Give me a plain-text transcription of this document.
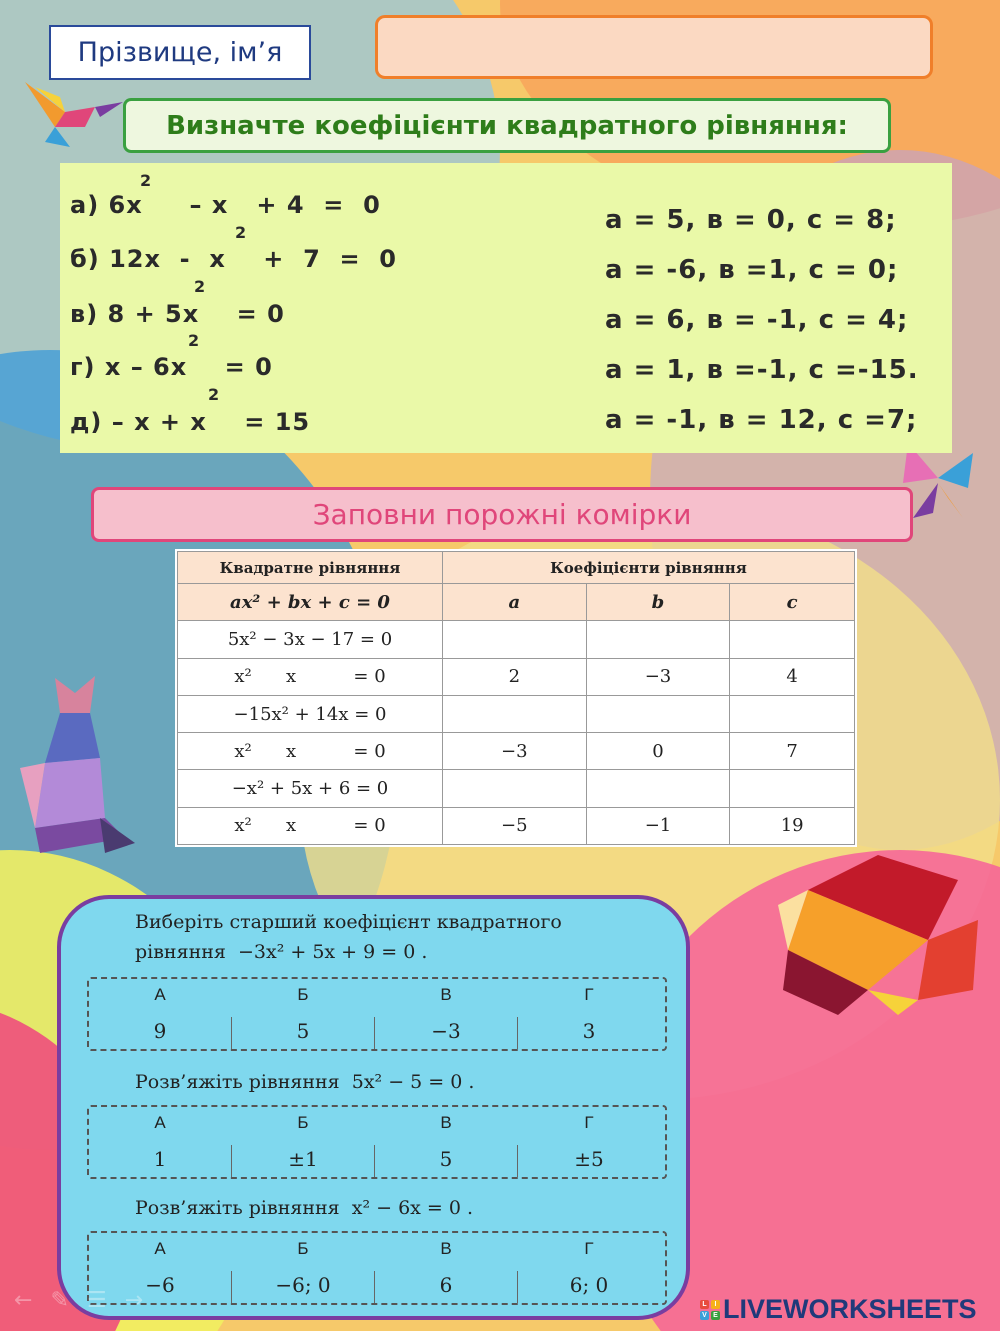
Прізвище, ім’я
Визначте коефіцієнти квадратного рівняння:
а) 6x     – x   + 4  =  0
2
б) 12x  -  x    +  7  =  0
2
в) 8 + 5x    = 0
2
г) x – 6x    = 0
2
д) – x + x    = 15
2
а = 5, в = 0, с = 8;
а = -6, в =1, с = 0;
а = 6, в = -1, с = 4;
а = 1, в =-1, с =-15.
а = -1, в = 12, с =7;
Заповни порожні комірки
Квадратне рівняння	Коефіцієнти рівняння		
ax² + bx + c = 0	a	b	c
5x² − 3x − 17 = 0			
x²      x          = 0	2	−3	4
−15x² + 14x = 0			
x²      x          = 0	−3	0	7
−x² + 5x + 6 = 0			
x²      x          = 0	−5	−1	19
Виберіть старший коефіцієнт квадратного
рівняння  −3x² + 5x + 9 = 0 .
А
9
Б
5
В
−3
Г
3
Розв’яжіть рівняння  5x² − 5 = 0 .
А
1
Б
±1
В
5
Г
±5
Розв’яжіть рівняння  x² − 6x = 0 .
А
−6
Б
−6; 0
В
6
Г
6; 0
← ✎ ☰ →	L	I
V E LIVEWORKSHEETS
